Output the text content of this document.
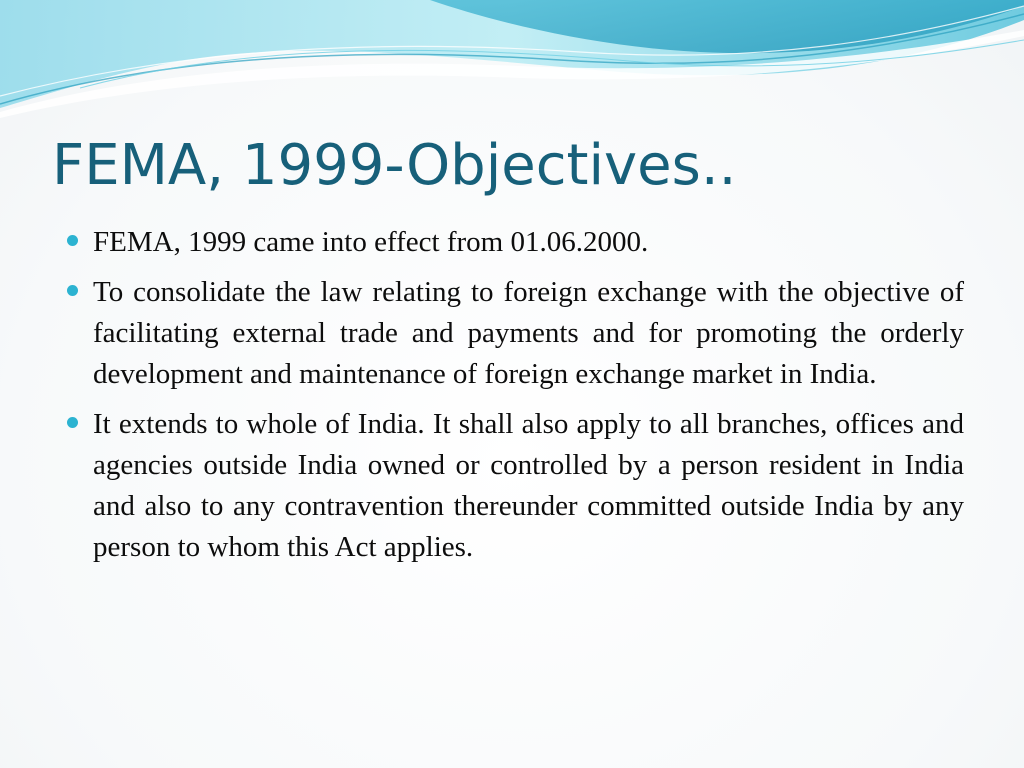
FEMA, 1999-Objectives..
FEMA, 1999 came into effect from 01.06.2000.
To consolidate the law relating to foreign exchange with the objective of facilitating external trade and payments and for promoting the orderly development and maintenance of foreign exchange market in India.
It extends to whole of India. It shall also apply to all branches, offices and agencies outside India owned or controlled by a person resident in India and also to any contravention thereunder committed outside India by any person to whom this Act applies.
